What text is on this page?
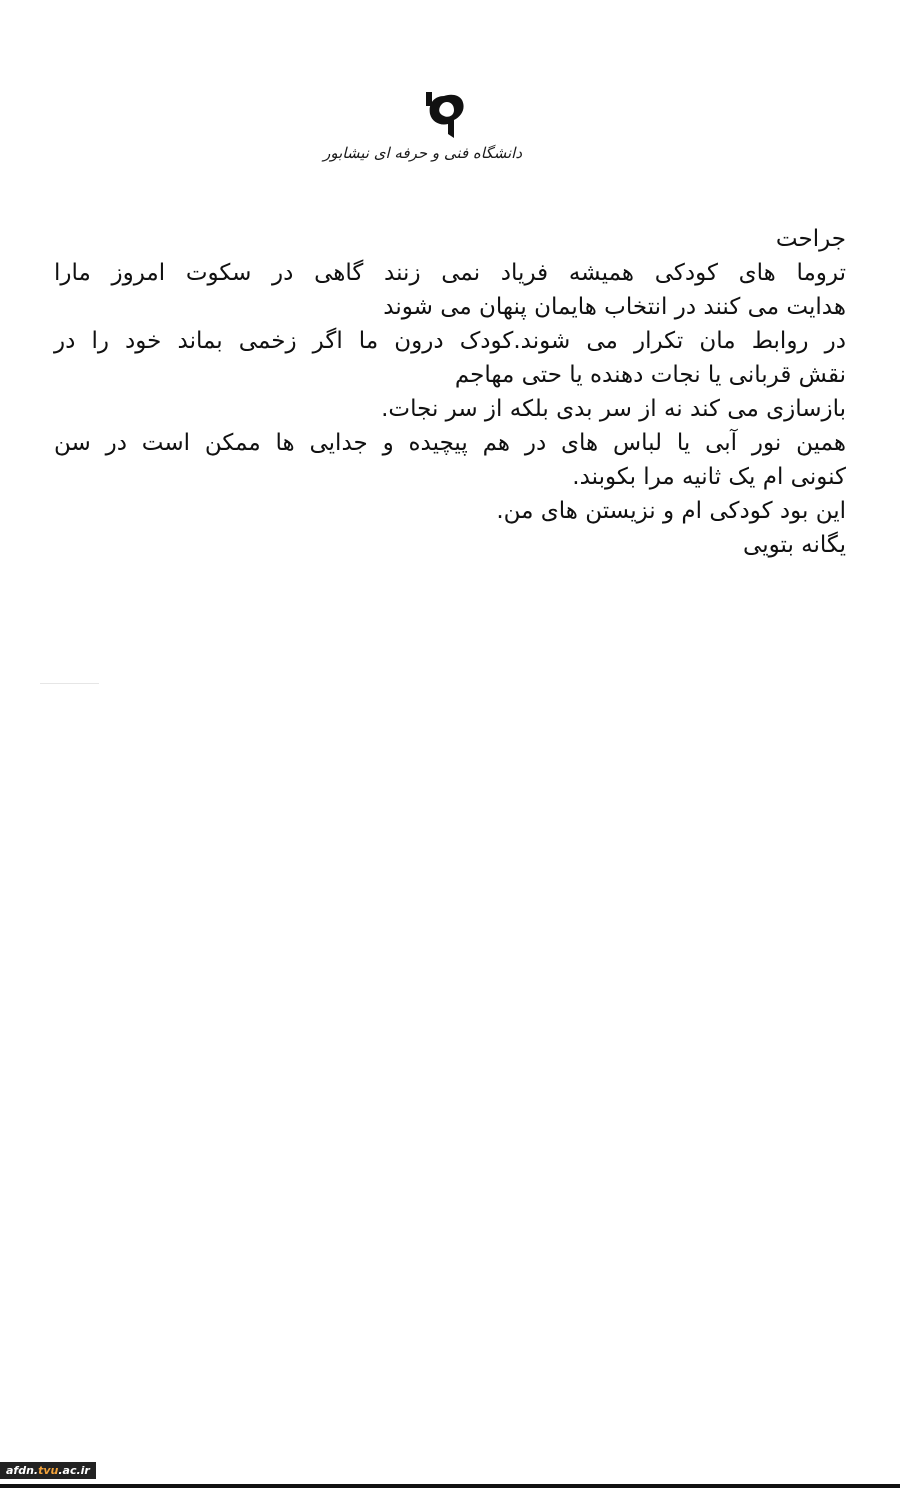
دانشگاه فنی و حرفه ای نیشابور
جراحت
تروما های کودکی همیشه فریاد نمی زنند گاهی در سکوت امروز مارا
هدایت می کنند در انتخاب هایمان پنهان می شوند
در روابط مان تکرار می شوند.کودک درون ما اگر زخمی بماند خود را در
نقش قربانی یا نجات دهنده یا حتی مهاجم
بازسازی می کند نه از سر بدی بلکه از سر نجات.
همین نور آبی یا لباس های در هم پیچیده و جدایی ها ممکن است در سن
کنونی ام یک ثانیه مرا بکوبند.
این بود کودکی ام و نزیستن های من.
یگانه بتویی
afdn.tvu.ac.ir
